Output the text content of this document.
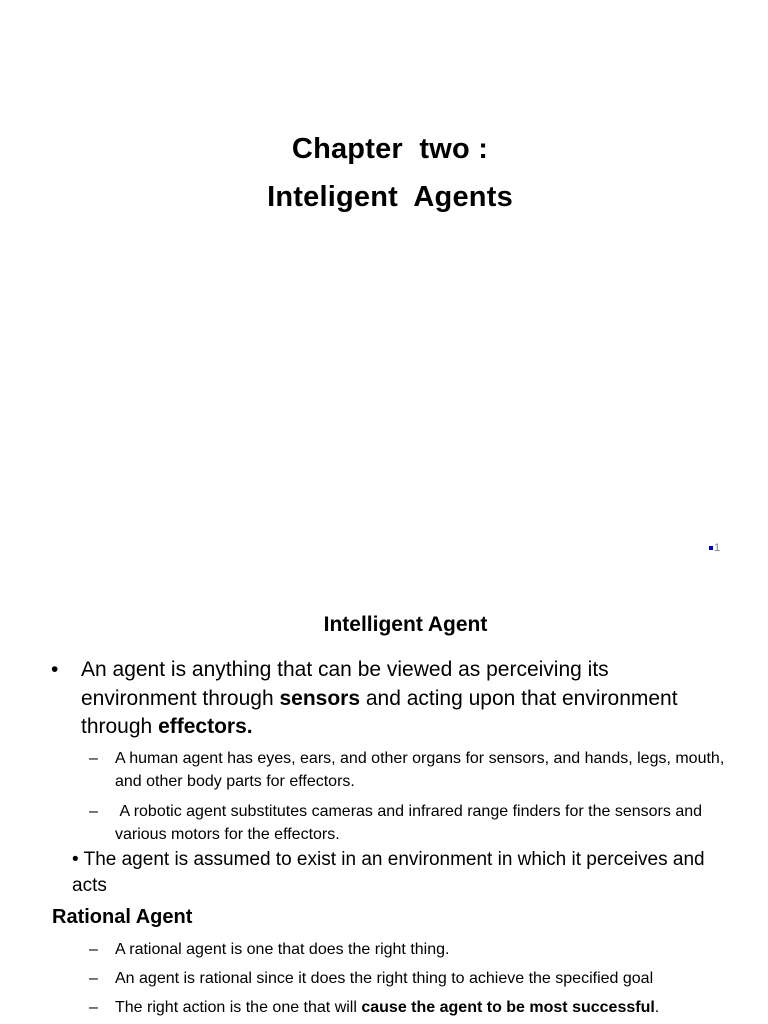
Chapter  two :
Inteligent  Agents
1
Intelligent Agent
• An agent is anything that can be viewed as perceiving its environment through sensors and acting upon that environment through effectors.
– A human agent has eyes, ears, and other organs for sensors, and hands, legs, mouth, and other body parts for effectors.
– A robotic agent substitutes cameras and infrared range finders for the sensors and various motors for the effectors.
• The agent is assumed to exist in an environment in which it perceives and acts
Rational Agent
– A rational agent is one that does the right thing.
– An agent is rational since it does the right thing to achieve the specified goal
– The right action is the one that will cause the agent to be most successful.
